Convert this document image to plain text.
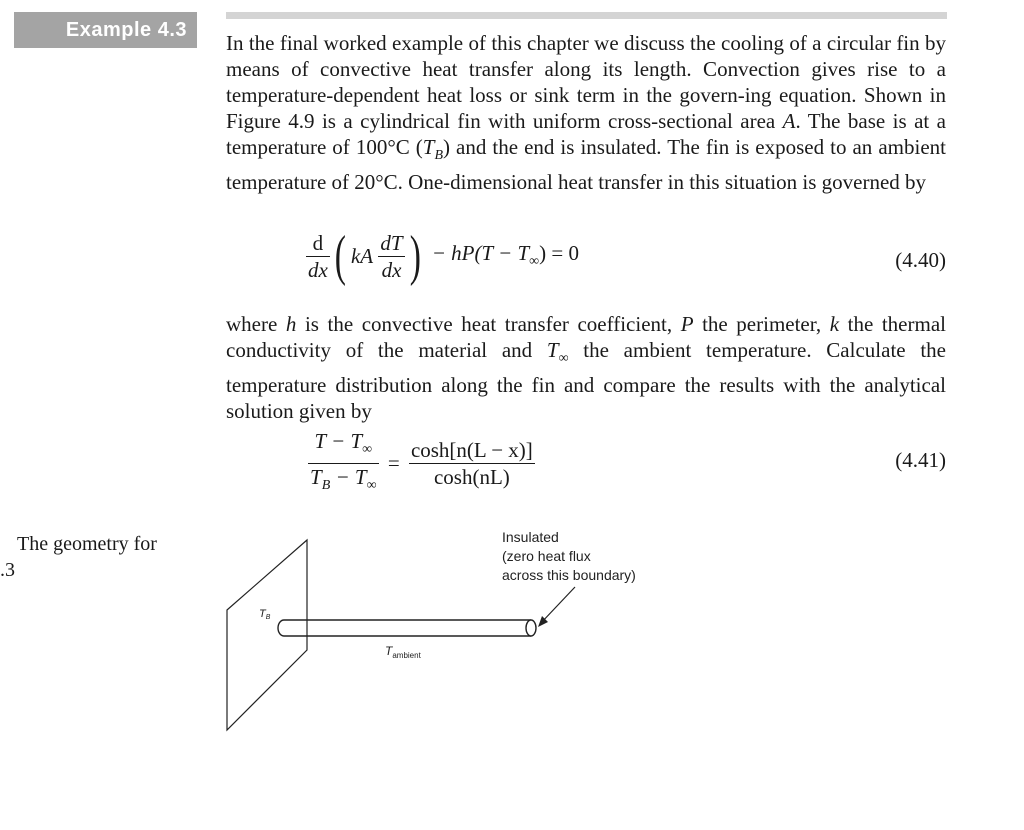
Example 4.3

In the final worked example of this chapter we discuss the cooling of a circular fin by means of convective heat transfer along its length. Convection gives rise to a temperature-dependent heat loss or sink term in the govern-ing equation. Shown in Figure 4.9 is a cylindrical fin with uniform cross-sectional area A. The base is at a temperature of 100°C $(T_B)$ and the end is insulated. The fin is exposed to an ambient temperature of 20°C. One-dimensional heat transfer in this situation is governed by

$\frac{d}{dx}$ ( kA $\frac{dT}{dx}$ ) − $hP(T - T_\infty) = 0$	(4.40)

where h is the convective heat transfer coefficient, P the perimeter, k the thermal conductivity of the material and $T_\infty$ the ambient temperature. Calculate the temperature distribution along the fin and compare the results with the analytical solution given by

$\frac{T - T_\infty}{T_B - T_\infty} = \frac{\cosh[n(L - x)]}{\cosh(nL)}$	(4.41)
The geometry for
.3
Insulated
(zero heat flux
across this boundary)
TB
$T_{ambient}$
